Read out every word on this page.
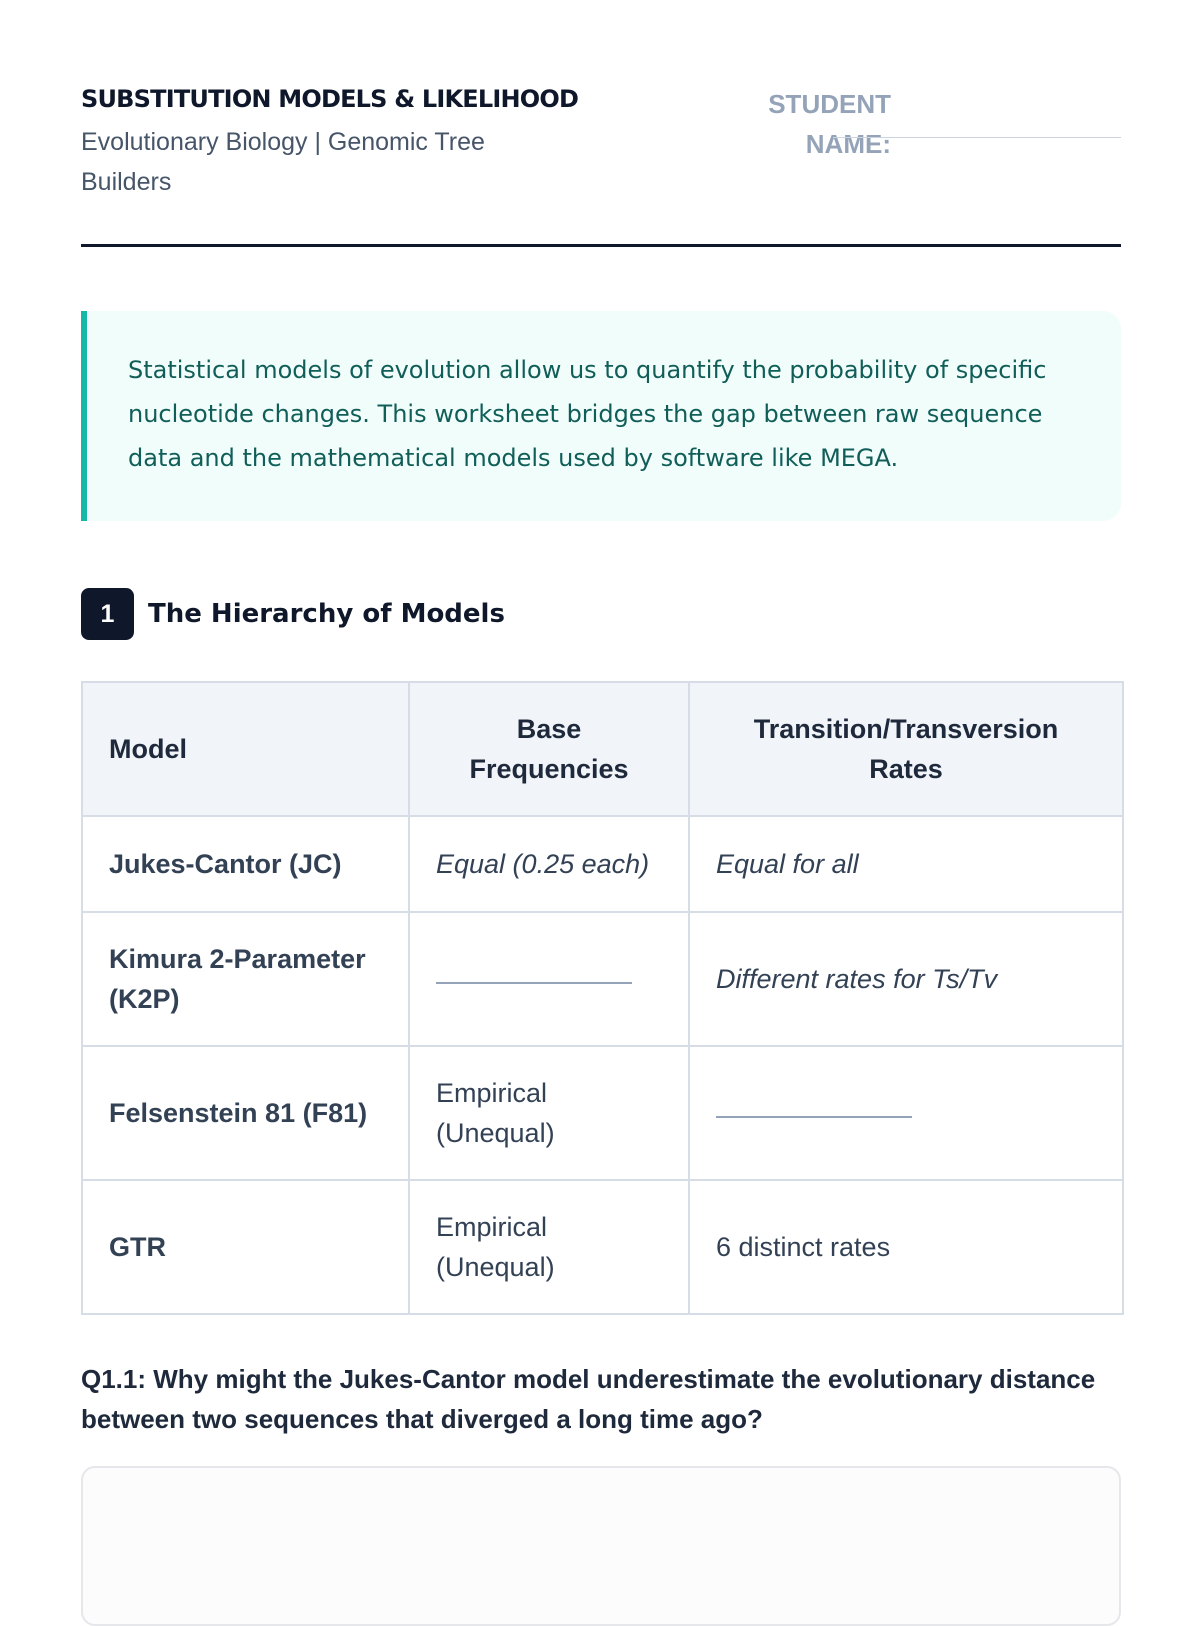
SUBSTITUTION MODELS & LIKELIHOOD
Evolutionary Biology | Genomic Tree Builders
STUDENT
NAME:

Statistical models of evolution allow us to quantify the probability of specific nucleotide changes. This worksheet bridges the gap between raw sequence data and the mathematical models used by software like MEGA.

1	The Hierarchy of Models
Model	Base Frequencies	Transition/Transversion Rates
Jukes-Cantor (JC)	Equal (0.25 each)	Equal for all
Kimura 2-Parameter (K2P)		Different rates for Ts/Tv
Felsenstein 81 (F81)	Empirical (Unequal)	
GTR	Empirical (Unequal)	6 distinct rates

Q1.1: Why might the Jukes-Cantor model underestimate the evolutionary distance between two sequences that diverged a long time ago?
